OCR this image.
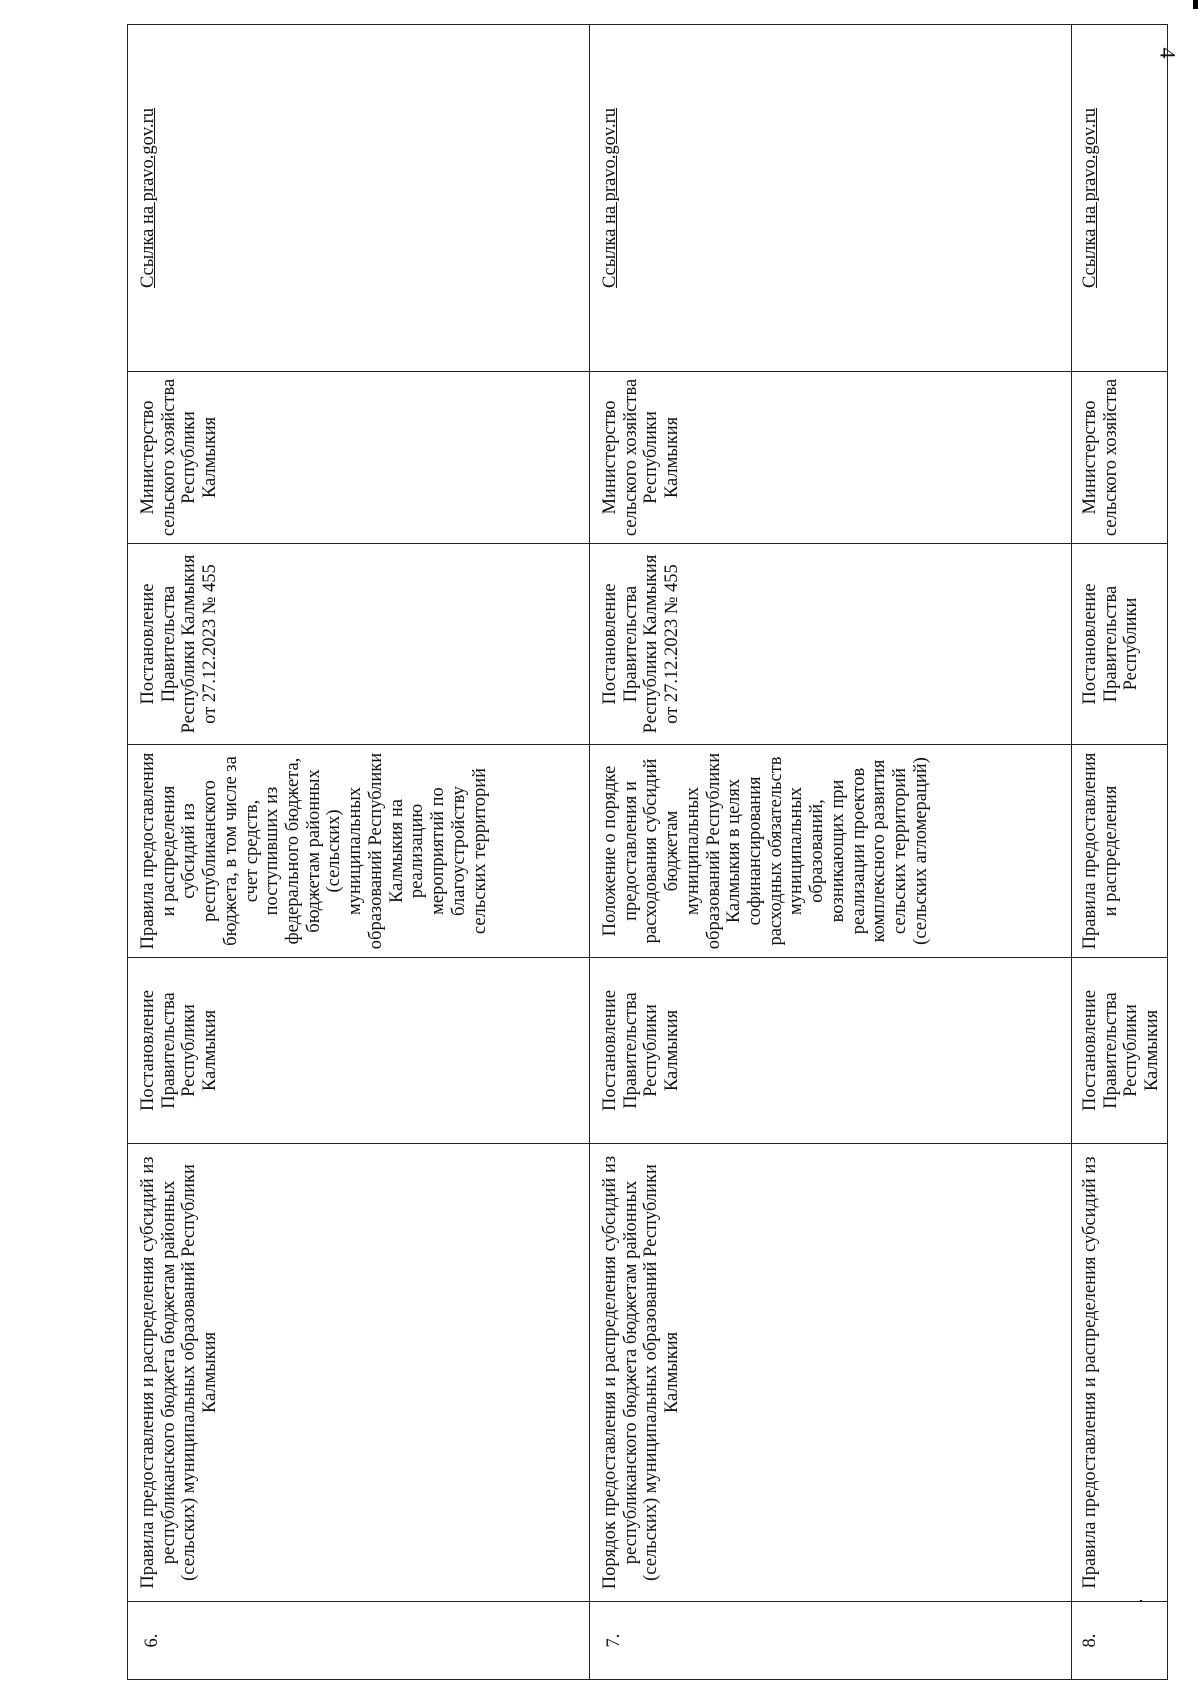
4
6.	Правила предоставления и распределения субсидий из республиканского бюджета бюджетам районных (сельских) муниципальных образований Республики Калмыкия	Постановление Правительства Республики Калмыкия	Правила предоставления и распределения субсидий из республиканского бюджета, в том числе за счет средств, поступивших из федерального бюджета, бюджетам районных (сельских) муниципальных образований Республики Калмыкия на реализацию мероприятий по благоустройству сельских территорий	Постановление Правительства Республики Калмыкия от 27.12.2023 № 455	Министерство сельского хозяйства Республики Калмыкия	Ссылка на pravo.gov.ru
7.	Порядок предоставления и распределения субсидий из республиканского бюджета бюджетам районных (сельских) муниципальных образований Республики Калмыкия	Постановление Правительства Республики Калмыкия	Положение о порядке предоставления и расходования субсидий бюджетам муниципальных образований Республики Калмыкия в целях софинансирования расходных обязательств муниципальных образований, возникающих при реализации проектов комплексного развития сельских территорий (сельских агломераций)	Постановление Правительства Республики Калмыкия от 27.12.2023 № 455	Министерство сельского хозяйства Республики Калмыкия	Ссылка на pravo.gov.ru
8.	Правила предоставления и распределения субсидий из	Постановление Правительства Республики Калмыкия	Правила предоставления и распределения	Постановление Правительства Республики	Министерство сельского хозяйства	Ссылка на pravo.gov.ru
